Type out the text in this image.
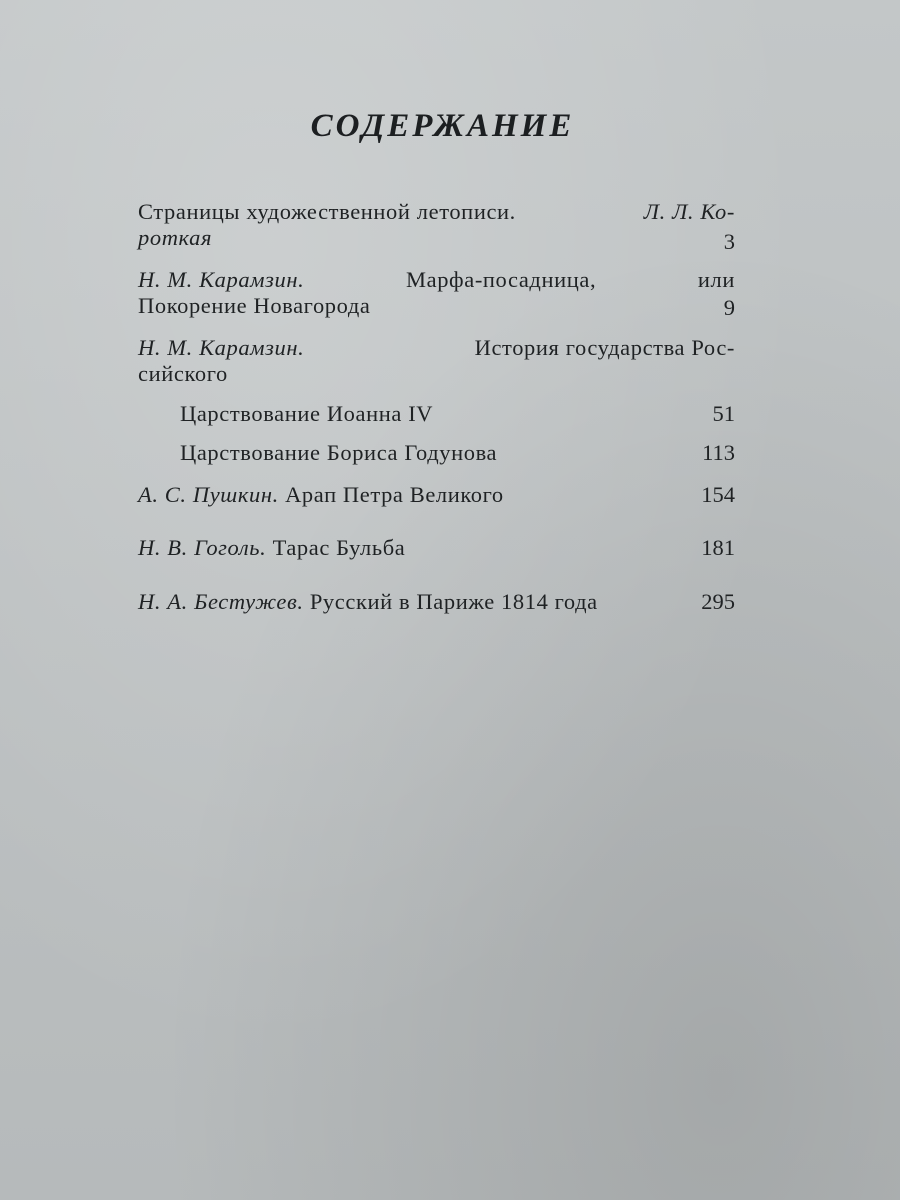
СОДЕРЖАНИЕ
Страницы художественной летописи.	Л. Л. Ко-
роткая	3
Н. М. Карамзин.	Марфа-посадница,	или
Покорение Новагорода	9
Н. М. Карамзин.	История государства Рос-
сийского
Царствование Иоанна IV	51
Царствование Бориса Годунова	113
А. С. Пушкин. Арап Петра Великого	154
Н. В. Гоголь. Тарас Бульба	181
Н. А. Бестужев. Русский в Париже 1814 года	295
